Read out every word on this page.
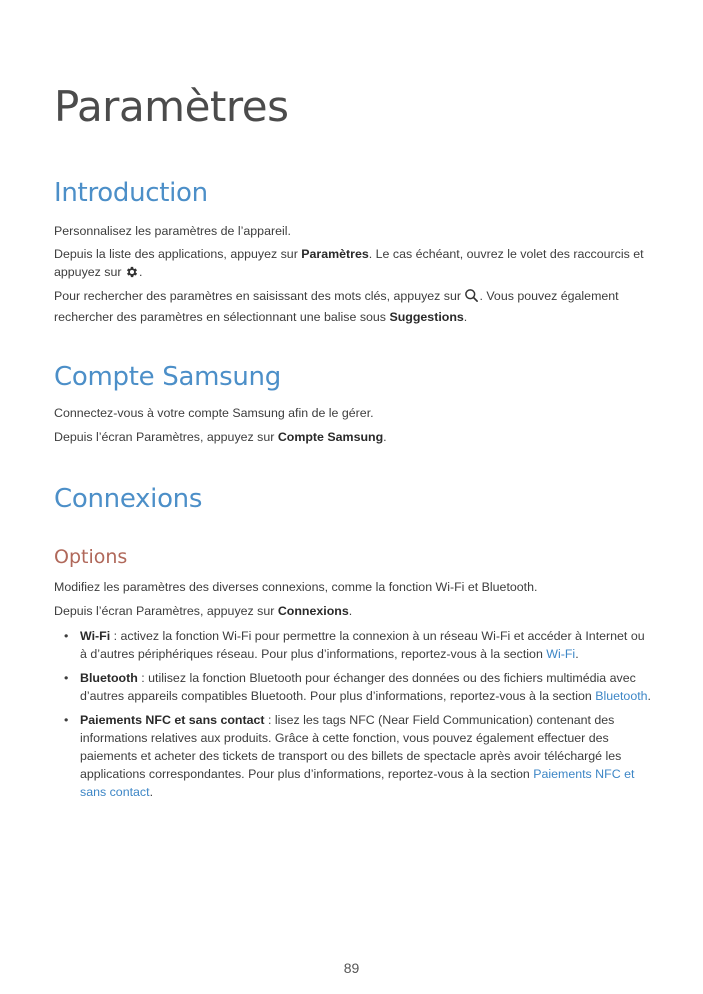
Paramètres
Introduction

Personnalisez les paramètres de l’appareil.

Depuis la liste des applications, appuyez sur Paramètres. Le cas échéant, ouvrez le volet des raccourcis et appuyez sur .

Pour rechercher des paramètres en saisissant des mots clés, appuyez sur . Vous pouvez également rechercher des paramètres en sélectionnant une balise sous Suggestions.

Compte Samsung

Connectez-vous à votre compte Samsung afin de le gérer.

Depuis l’écran Paramètres, appuyez sur Compte Samsung.

Connexions
Options

Modifiez les paramètres des diverses connexions, comme la fonction Wi-Fi et Bluetooth.

Depuis l’écran Paramètres, appuyez sur Connexions.

• Wi-Fi : activez la fonction Wi-Fi pour permettre la connexion à un réseau Wi-Fi et accéder à Internet ou à d’autres périphériques réseau. Pour plus d’informations, reportez-vous à la section Wi-Fi.
• Bluetooth : utilisez la fonction Bluetooth pour échanger des données ou des fichiers multimédia avec d’autres appareils compatibles Bluetooth. Pour plus d’informations, reportez-vous à la section Bluetooth.
• Paiements NFC et sans contact : lisez les tags NFC (Near Field Communication) contenant des informations relatives aux produits. Grâce à cette fonction, vous pouvez également effectuer des paiements et acheter des tickets de transport ou des billets de spectacle après avoir téléchargé les applications correspondantes. Pour plus d’informations, reportez-vous à la section Paiements NFC et sans contact.
89
